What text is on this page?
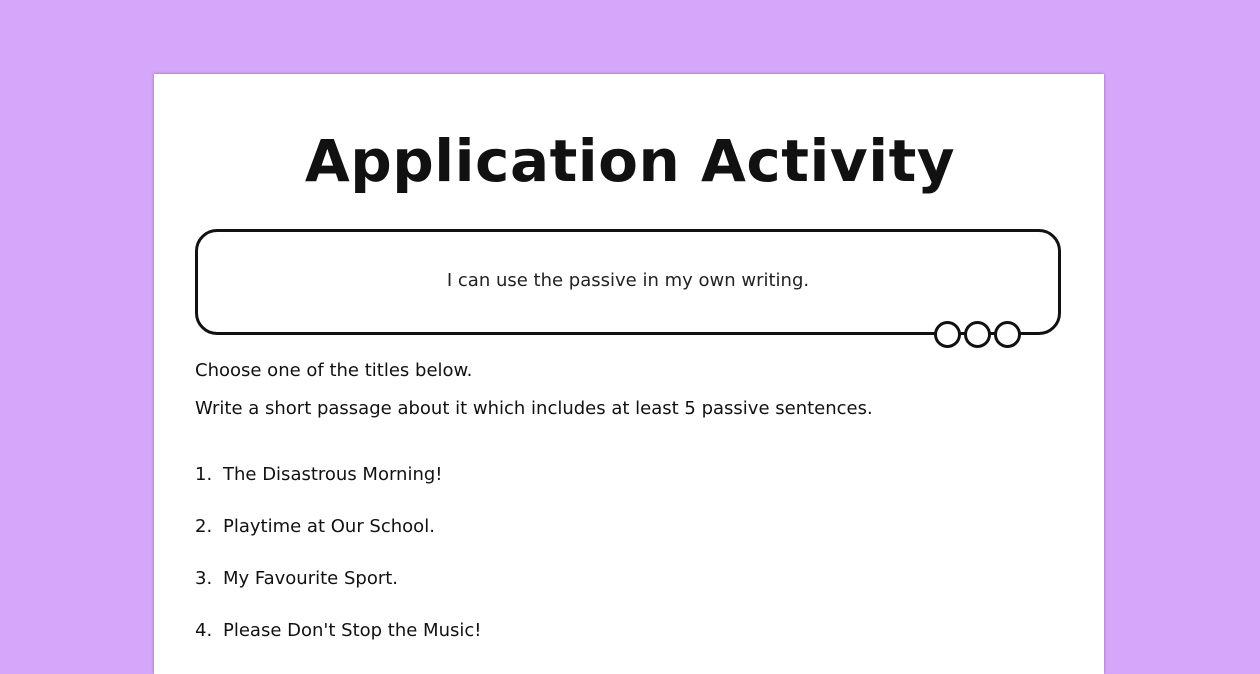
Application Activity
I can use the passive in my own writing.
Choose one of the titles below.
Write a short passage about it which includes at least 5 passive sentences.
1. The Disastrous Morning!
2. Playtime at Our School.
3. My Favourite Sport.
4. Please Don't Stop the Music!
